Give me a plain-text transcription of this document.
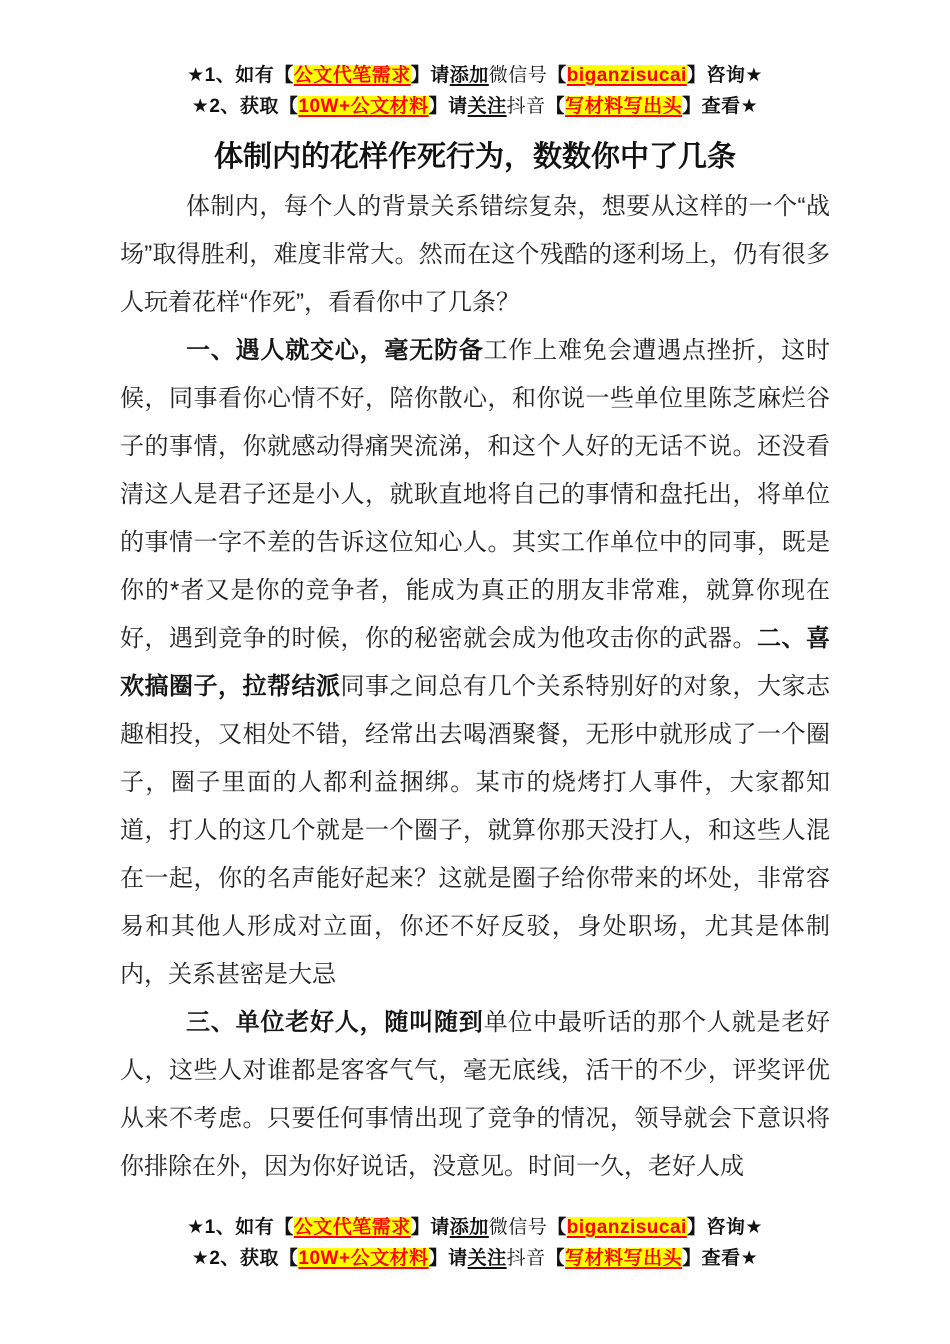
★1、如有【公文代笔需求】请添加微信号【biganzisucai】咨询★
★2、获取【10W+公文材料】请关注抖音【写材料写出头】查看★
体制内的花样作死行为，数数你中了几条

体制内，每个人的背景关系错综复杂，想要从这样的一个“战场”取得胜利，难度非常大。然而在这个残酷的逐利场上，仍有很多人玩着花样“作死”，看看你中了几条？

一、遇人就交心，毫无防备工作上难免会遭遇点挫折，这时候，同事看你心情不好，陪你散心，和你说一些单位里陈芝麻烂谷子的事情，你就感动得痛哭流涕，和这个人好的无话不说。还没看清这人是君子还是小人，就耿直地将自己的事情和盘托出，将单位的事情一字不差的告诉这位知心人。其实工作单位中的同事，既是你的*者又是你的竞争者，能成为真正的朋友非常难，就算你现在好，遇到竞争的时候，你的秘密就会成为他攻击你的武器。二、喜欢搞圈子，拉帮结派同事之间总有几个关系特别好的对象，大家志趣相投，又相处不错，经常出去喝酒聚餐，无形中就形成了一个圈子，圈子里面的人都利益捆绑。某市的烧烤打人事件，大家都知道，打人的这几个就是一个圈子，就算你那天没打人，和这些人混在一起，你的名声能好起来？这就是圈子给你带来的坏处，非常容易和其他人形成对立面，你还不好反驳，身处职场，尤其是体制内，关系甚密是大忌

三、单位老好人，随叫随到单位中最听话的那个人就是老好人，这些人对谁都是客客气气，毫无底线，活干的不少，评奖评优从来不考虑。只要任何事情出现了竞争的情况，领导就会下意识将你排除在外，因为你好说话，没意见。时间一久，老好人成

★1、如有【公文代笔需求】请添加微信号【biganzisucai】咨询★
★2、获取【10W+公文材料】请关注抖音【写材料写出头】查看★
